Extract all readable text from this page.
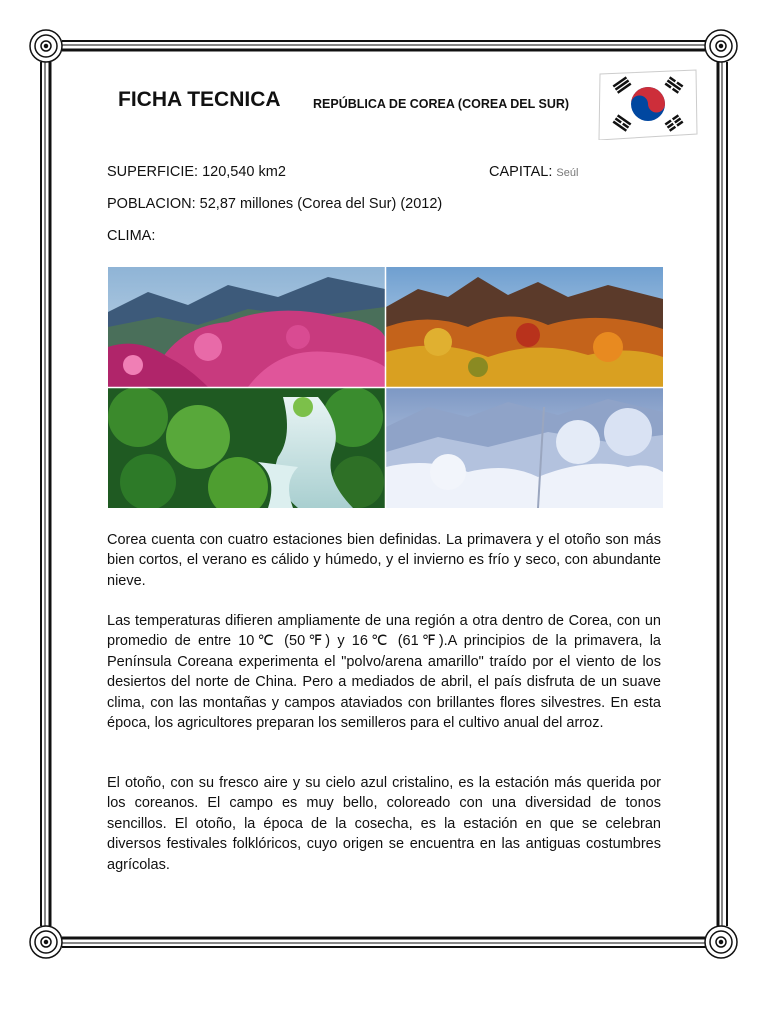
FICHA TECNICA	REPÚBLICA DE COREA (COREA DEL SUR)
SUPERFICIE: 120,540 km2	CAPITAL: Seúl
POBLACION: 52,87 millones (Corea del Sur) (2012)
CLIMA:

Corea cuenta con cuatro estaciones bien definidas. La primavera y el otoño son más bien cortos, el verano es cálido y húmedo, y el invierno es frío y seco, con abundante nieve.

Las temperaturas difieren ampliamente de una región a otra dentro de Corea, con un promedio de entre 10℃ (50℉) y 16℃ (61℉).A principios de la primavera, la Península Coreana experimenta el "polvo/arena amarillo" traído por el viento de los desiertos del norte de China. Pero a mediados de abril, el país disfruta de un suave clima, con las montañas y campos ataviados con brillantes flores silvestres. En esta época, los agricultores preparan los semilleros para el cultivo anual del arroz.

El otoño, con su fresco aire y su cielo azul cristalino, es la estación más querida por los coreanos. El campo es muy bello, coloreado con una diversidad de tonos sencillos. El otoño, la época de la cosecha, es la estación en que se celebran diversos festivales folklóricos, cuyo origen se encuentra en las antiguas costumbres agrícolas.
